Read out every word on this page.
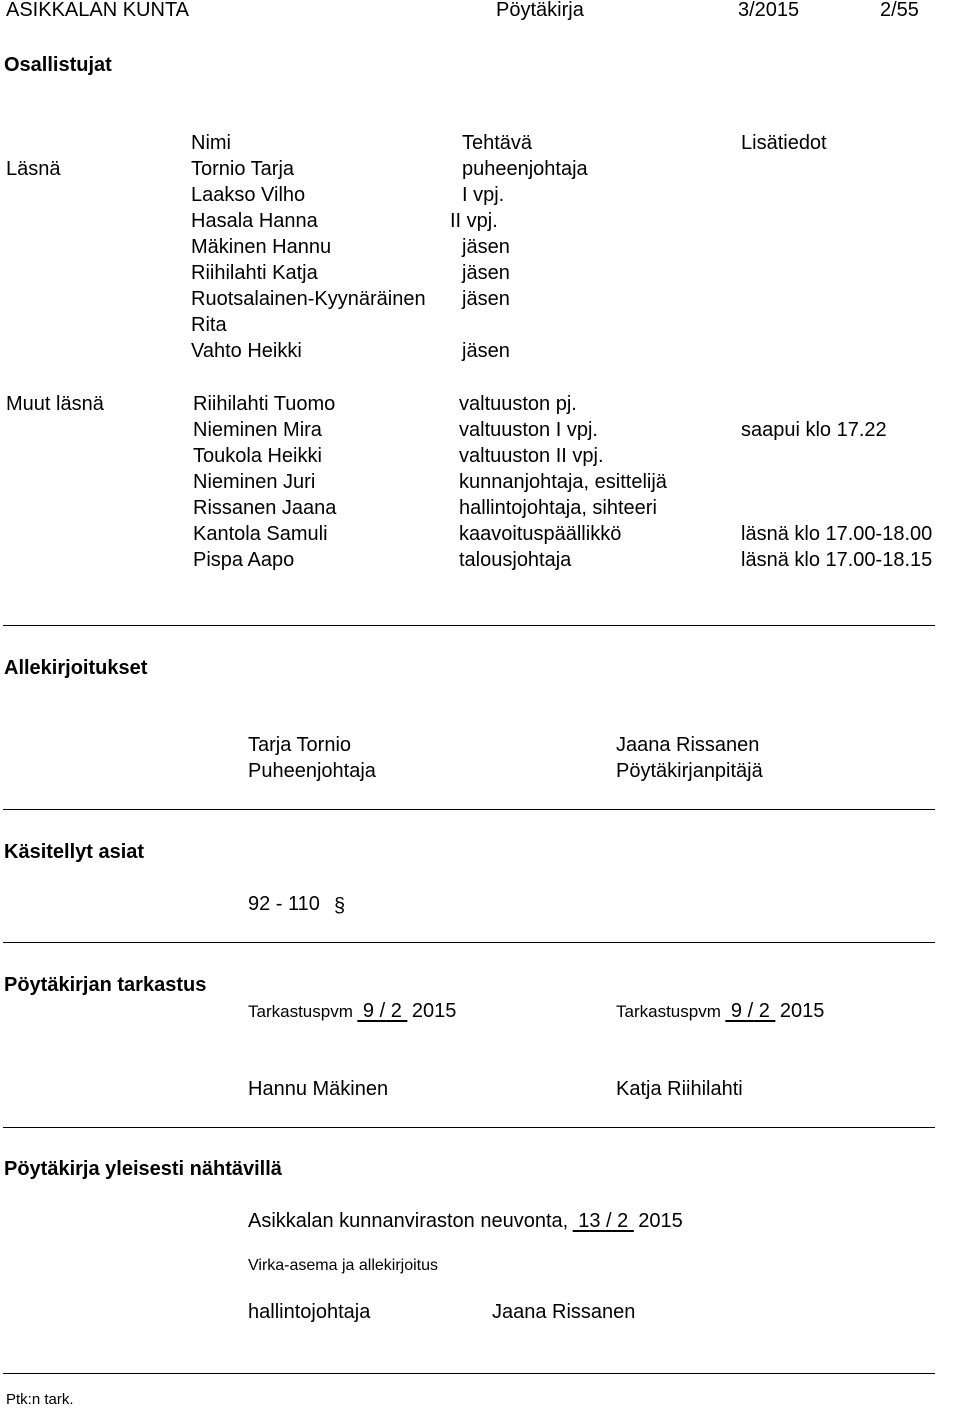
ASIKKALAN KUNTA	Pöytäkirja	3/2015	2/55
Osallistujat
Nimi	Tehtävä	Lisätiedot
Läsnä	Tornio Tarja	puheenjohtaja
Laakso Vilho	I vpj.
Hasala Hanna	II vpj.
Mäkinen Hannu	jäsen
Riihilahti Katja	jäsen
Ruotsalainen-Kyynäräinen jäsen
Rita
Vahto Heikki	jäsen
Muut läsnä	Riihilahti Tuomo	valtuuston pj.
Nieminen Mira	valtuuston I vpj.	saapui klo 17.22
Toukola Heikki	valtuuston II vpj.
Nieminen Juri	kunnanjohtaja, esittelijä
Rissanen Jaana	hallintojohtaja, sihteeri
Kantola Samuli	kaavoituspäällikkö	läsnä klo 17.00-18.00
Pispa Aapo	talousjohtaja	läsnä klo 17.00-18.15
Allekirjoitukset
Tarja Tornio
Puheenjohtaja
Jaana Rissanen
Pöytäkirjanpitäjä
Käsitellyt asiat
92 - 110 §
Pöytäkirjan tarkastus
Tarkastuspvm  9 / 2  2015	Tarkastuspvm  9 / 2  2015
Hannu Mäkinen	Katja Riihilahti
Pöytäkirja yleisesti nähtävillä
Asikkalan kunnanviraston neuvonta,  13 / 2  2015
Virka-asema ja allekirjoitus
hallintojohtaja	Jaana Rissanen
Ptk:n tark.
